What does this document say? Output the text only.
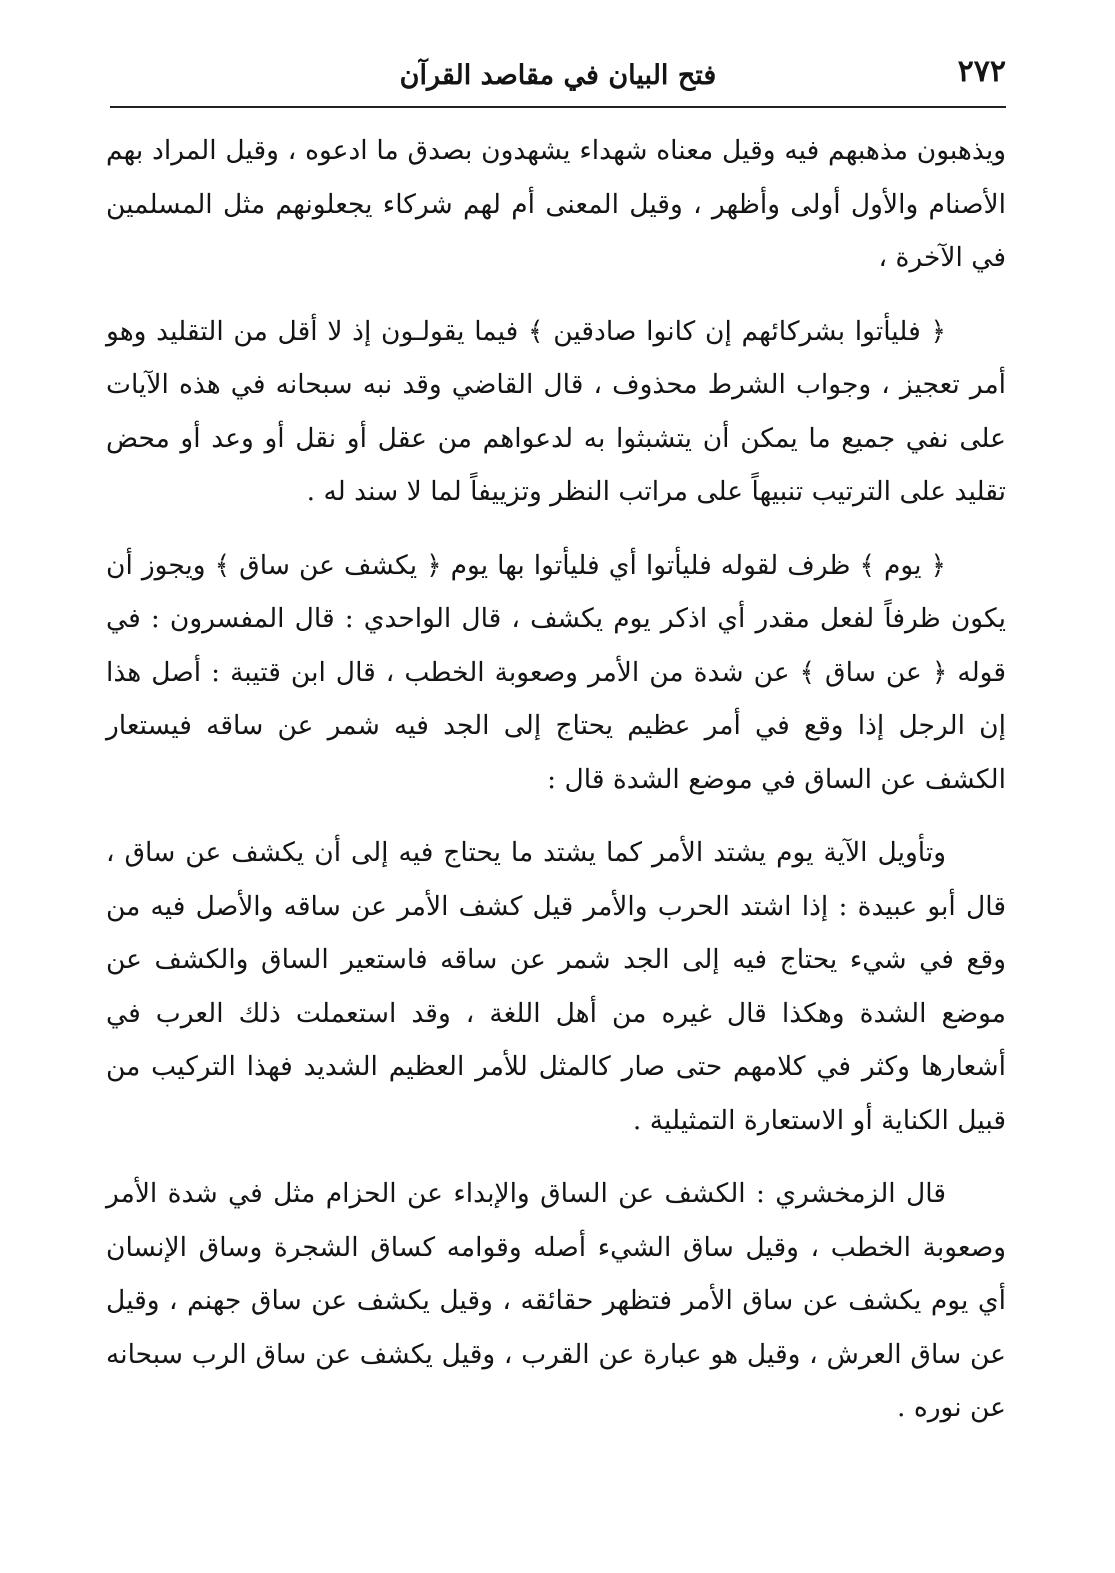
٢٧٢
فتح البيان في مقاصد القرآن

ويذهبون مذهبهم فيه وقيل معناه شهداء يشهدون بصدق ما ادعوه ، وقيل المراد بهم الأصنام والأول أولى وأظهر ، وقيل المعنى أم لهم شركاء يجعلونهم مثل المسلمين في الآخرة ،

﴿ فليأتوا بشركائهم إن كانوا صادقين ﴾ فيما يقولـون إذ لا أقل من التقليد وهو أمر تعجيز ، وجواب الشرط محذوف ، قال القاضي وقد نبه سبحانه في هذه الآيات على نفي جميع ما يمكن أن يتشبثوا به لدعواهم من عقل أو نقل أو وعد أو محض تقليد على الترتيب تنبيهاً على مراتب النظر وتزييفاً لما لا سند له .

﴿ يوم ﴾ ظرف لقوله فليأتوا أي فليأتوا بها يوم ﴿ يكشف عن ساق ﴾ ويجوز أن يكون ظرفاً لفعل مقدر أي اذكر يوم يكشف ، قال الواحدي : قال المفسرون : في قوله ﴿ عن ساق ﴾ عن شدة من الأمر وصعوبة الخطب ، قال ابن قتيبة : أصل هذا إن الرجل إذا وقع في أمر عظيم يحتاج إلى الجد فيه شمر عن ساقه فيستعار الكشف عن الساق في موضع الشدة قال :

وتأويل الآية يوم يشتد الأمر كما يشتد ما يحتاج فيه إلى أن يكشف عن ساق ، قال أبو عبيدة : إذا اشتد الحرب والأمر قيل كشف الأمر عن ساقه والأصل فيه من وقع في شيء يحتاج فيه إلى الجد شمر عن ساقه فاستعير الساق والكشف عن موضع الشدة وهكذا قال غيره من أهل اللغة ، وقد استعملت ذلك العرب في أشعارها وكثر في كلامهم حتى صار كالمثل للأمر العظيم الشديد فهذا التركيب من قبيل الكناية أو الاستعارة التمثيلية .

قال الزمخشري : الكشف عن الساق والإبداء عن الحزام مثل في شدة الأمر وصعوبة الخطب ، وقيل ساق الشيء أصله وقوامه كساق الشجرة وساق الإنسان أي يوم يكشف عن ساق الأمر فتظهر حقائقه ، وقيل يكشف عن ساق جهنم ، وقيل عن ساق العرش ، وقيل هو عبارة عن القرب ، وقيل يكشف عن ساق الرب سبحانه عن نوره .
